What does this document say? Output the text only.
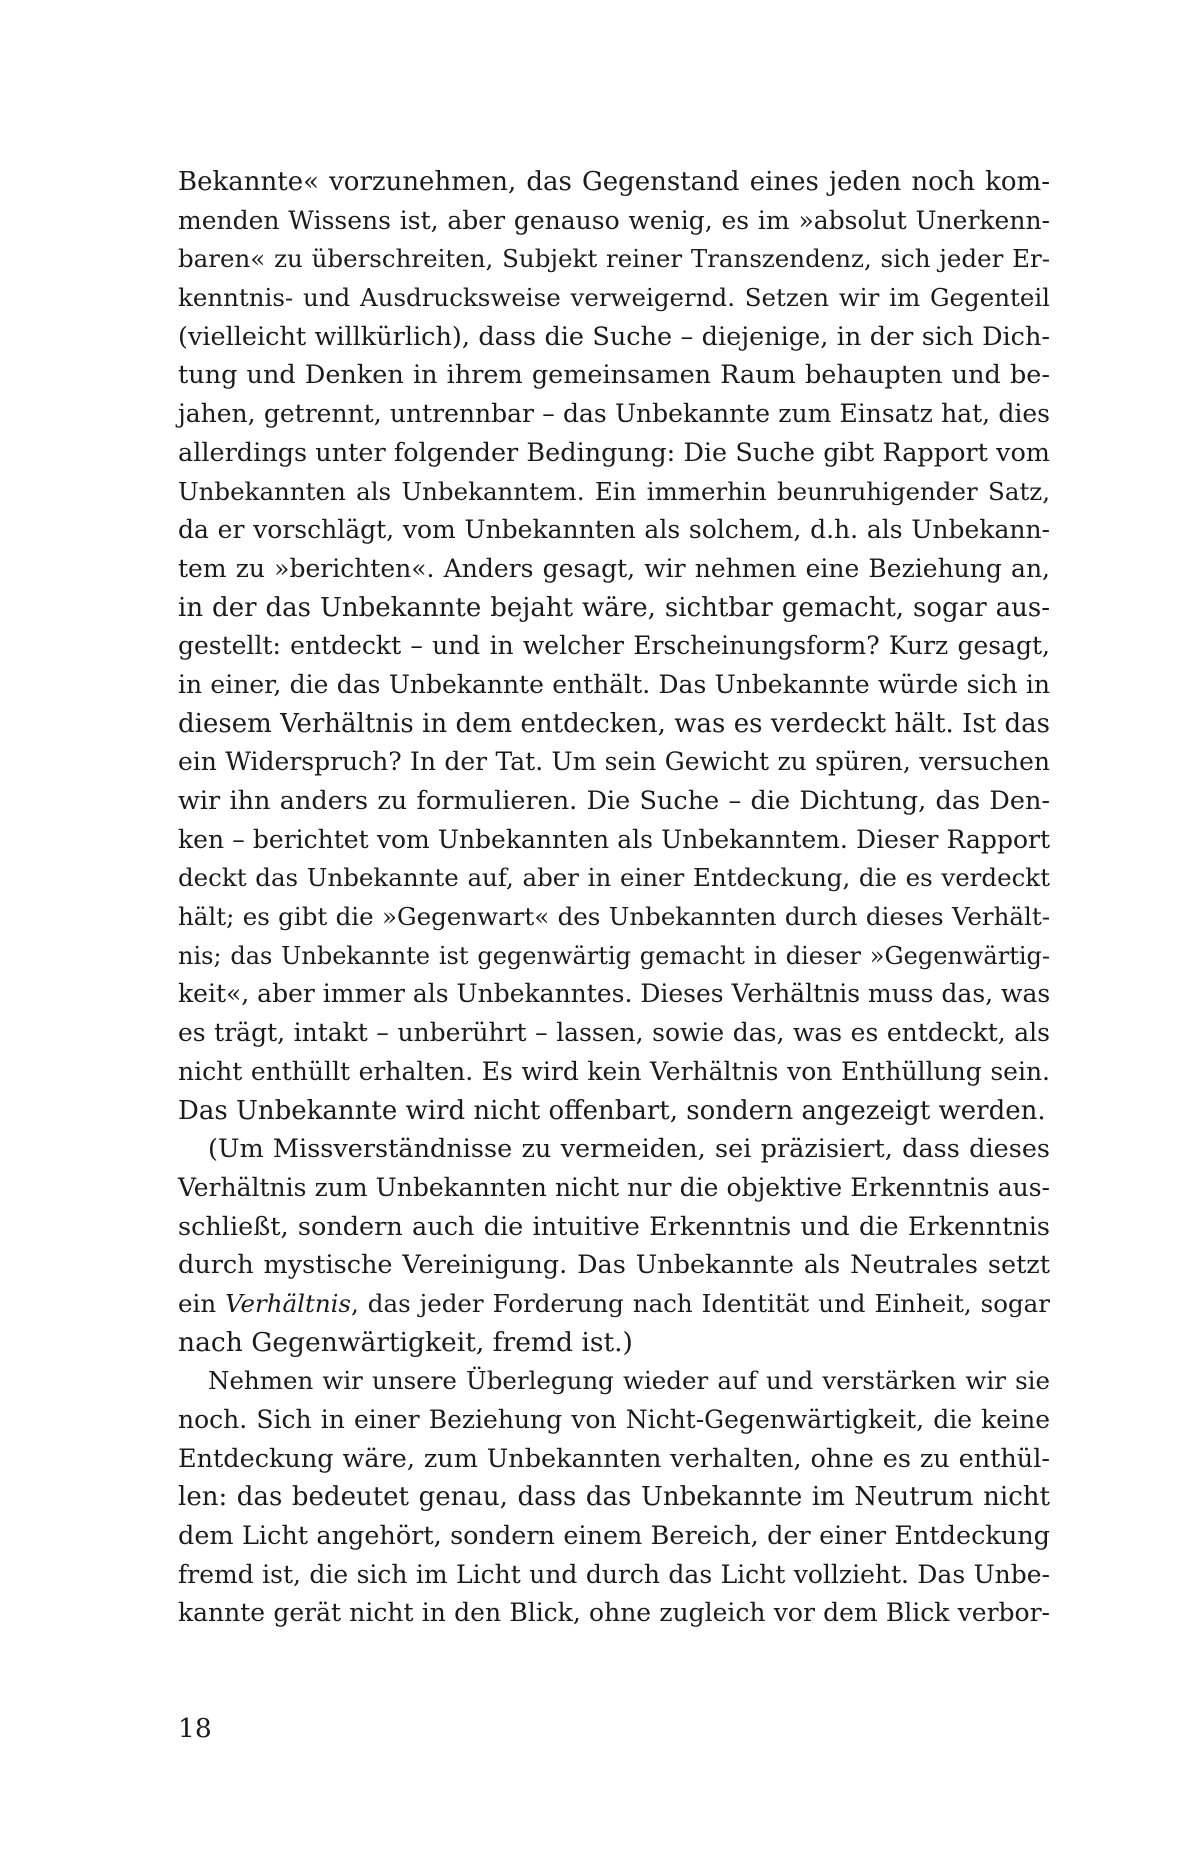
Bekannte« vorzunehmen, das Gegenstand eines jeden noch kom-
menden Wissens ist, aber genauso wenig, es im »absolut Unerkenn-
baren« zu überschreiten, Subjekt reiner Transzendenz, sich jeder Er-
kenntnis- und Ausdrucksweise verweigernd. Setzen wir im Gegenteil
(vielleicht willkürlich), dass die Suche – diejenige, in der sich Dich-
tung und Denken in ihrem gemeinsamen Raum behaupten und be-
jahen, getrennt, untrennbar – das Unbekannte zum Einsatz hat, dies
allerdings unter folgender Bedingung: Die Suche gibt Rapport vom
Unbekannten als Unbekanntem. Ein immerhin beunruhigender Satz,
da er vorschlägt, vom Unbekannten als solchem, d.h. als Unbekann-
tem zu »berichten«. Anders gesagt, wir nehmen eine Beziehung an,
in der das Unbekannte bejaht wäre, sichtbar gemacht, sogar aus-
gestellt: entdeckt – und in welcher Erscheinungsform? Kurz gesagt,
in einer, die das Unbekannte enthält. Das Unbekannte würde sich in
diesem Verhältnis in dem entdecken, was es verdeckt hält. Ist das
ein Widerspruch? In der Tat. Um sein Gewicht zu spüren, versuchen
wir ihn anders zu formulieren. Die Suche – die Dichtung, das Den-
ken – berichtet vom Unbekannten als Unbekanntem. Dieser Rapport
deckt das Unbekannte auf, aber in einer Entdeckung, die es verdeckt
hält; es gibt die »Gegenwart« des Unbekannten durch dieses Verhält-
nis; das Unbekannte ist gegenwärtig gemacht in dieser »Gegenwärtig-
keit«, aber immer als Unbekanntes. Dieses Verhältnis muss das, was
es trägt, intakt – unberührt – lassen, sowie das, was es entdeckt, als
nicht enthüllt erhalten. Es wird kein Verhältnis von Enthüllung sein.
Das Unbekannte wird nicht offenbart, sondern angezeigt werden.
(Um Missverständnisse zu vermeiden, sei präzisiert, dass dieses
Verhältnis zum Unbekannten nicht nur die objektive Erkenntnis aus-
schließt, sondern auch die intuitive Erkenntnis und die Erkenntnis
durch mystische Vereinigung. Das Unbekannte als Neutrales setzt
ein Verhältnis, das jeder Forderung nach Identität und Einheit, sogar
nach Gegenwärtigkeit, fremd ist.)
Nehmen wir unsere Überlegung wieder auf und verstärken wir sie
noch. Sich in einer Beziehung von Nicht-Gegenwärtigkeit, die keine
Entdeckung wäre, zum Unbekannten verhalten, ohne es zu enthül-
len: das bedeutet genau, dass das Unbekannte im Neutrum nicht
dem Licht angehört, sondern einem Bereich, der einer Entdeckung
fremd ist, die sich im Licht und durch das Licht vollzieht. Das Unbe-
kannte gerät nicht in den Blick, ohne zugleich vor dem Blick verbor-
18
